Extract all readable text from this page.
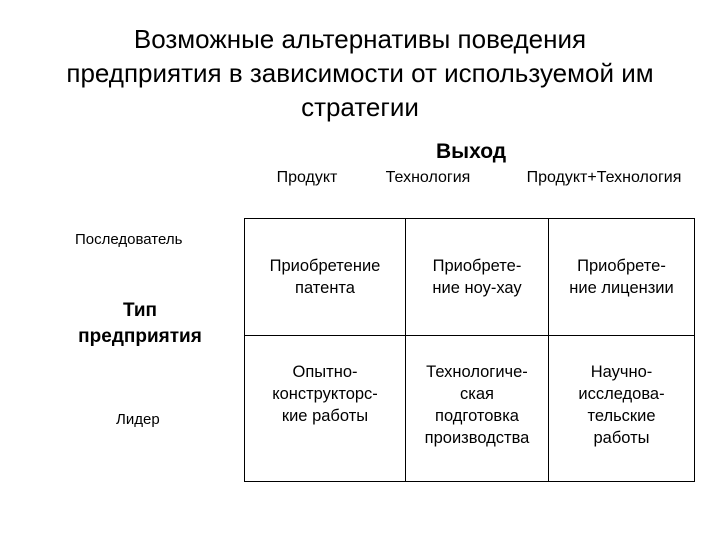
Возможные альтернативы поведения
предприятия в зависимости от используемой им
стратегии
Выход
Продукт	Технология	Продукт+Технология
Последователь
Лидер
Тип
предприятия
Приобретение
патента
Приобрете-
ние ноу-хау
Приобрете-
ние лицензии
Опытно-
конструкторс-
кие работы
Технологиче-
ская
подготовка
производства
Научно-
исследова-
тельские
работы
